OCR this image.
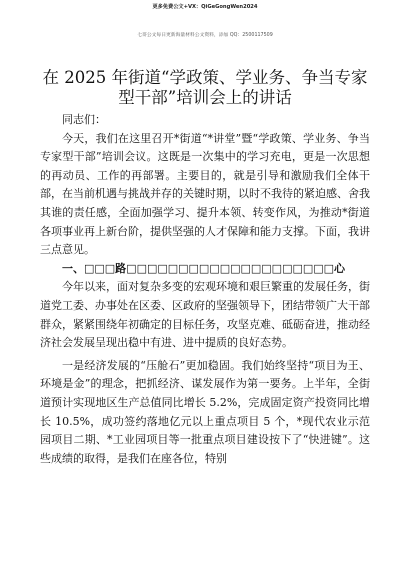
更多免费公文+VX：QiGeGongWen2024
七哥公文每日更新海量材料公文资料，添加 QQ：2500117509
在 2025 年街道“学政策、学业务、争当专家型干部”培训会上的讲话

同志们：

今天，我们在这里召开*街道“*讲堂”暨“学政策、学业务、争当专家型干部”培训会议。这既是一次集中的学习充电，更是一次思想的再动员、工作的再部署。主要目的，就是引导和激励我们全体干部，在当前机遇与挑战并存的关键时期，以时不我待的紧迫感、舍我其谁的责任感，全面加强学习、提升本领、转变作风，为推动*街道各项事业再上新台阶，提供坚强的人才保障和能力支撑。下面，我讲三点意见。

一、□□□路□□□□□□□□□□□□□□□□□□□□心

今年以来，面对复杂多变的宏观环境和艰巨繁重的发展任务，街道党工委、办事处在区委、区政府的坚强领导下，团结带领广大干部群众，紧紧围绕年初确定的目标任务，攻坚克难、砥砺奋进，推动经济社会发展呈现出稳中有进、进中提质的良好态势。

一是经济发展的“压舱石”更加稳固。我们始终坚持“项目为王、环境是金”的理念，把抓经济、谋发展作为第一要务。上半年，全街道预计实现地区生产总值同比增长 5.2%，完成固定资产投资同比增长 10.5%，成功签约落地亿元以上重点项目 5 个，*现代农业示范园项目二期、*工业园项目等一批重点项目建设按下了“快进键”。这些成绩的取得，是我们在座各位，特别
